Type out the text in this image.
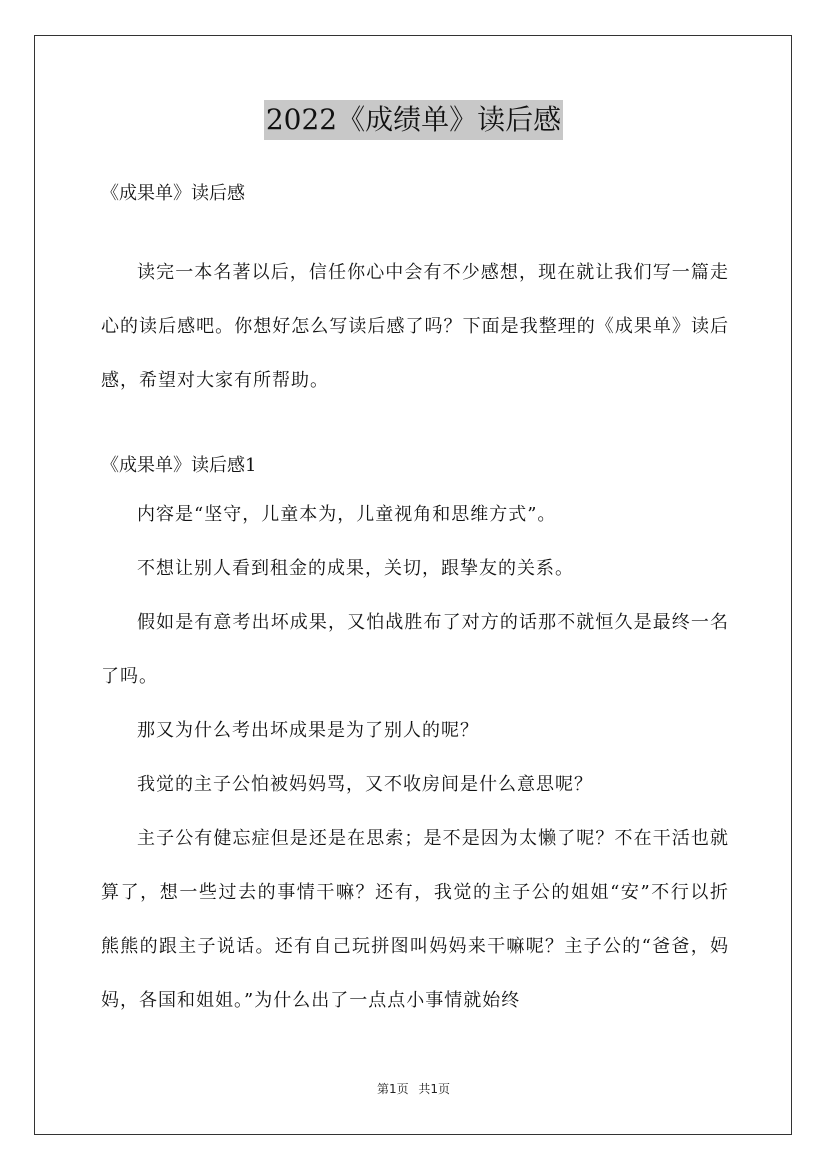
2022《成绩单》读后感

《成果单》读后感

读完一本名著以后，信任你心中会有不少感想，现在就让我们写一篇走心的读后感吧。你想好怎么写读后感了吗？下面是我整理的《成果单》读后感，希望对大家有所帮助。

《成果单》读后感1

内容是“坚守，儿童本为，儿童视角和思维方式”。

不想让别人看到租金的成果，关切，跟挚友的关系。

假如是有意考出坏成果，又怕战胜布了对方的话那不就恒久是最终一名了吗。

那又为什么考出坏成果是为了别人的呢？

我觉的主子公怕被妈妈骂，又不收房间是什么意思呢？

主子公有健忘症但是还是在思索；是不是因为太懒了呢？不在干活也就算了，想一些过去的事情干嘛？还有，我觉的主子公的姐姐“安”不行以折熊熊的跟主子说话。还有自己玩拼图叫妈妈来干嘛呢？主子公的“爸爸，妈妈，各国和姐姐。”为什么出了一点点小事情就始终

第1页 共1页
